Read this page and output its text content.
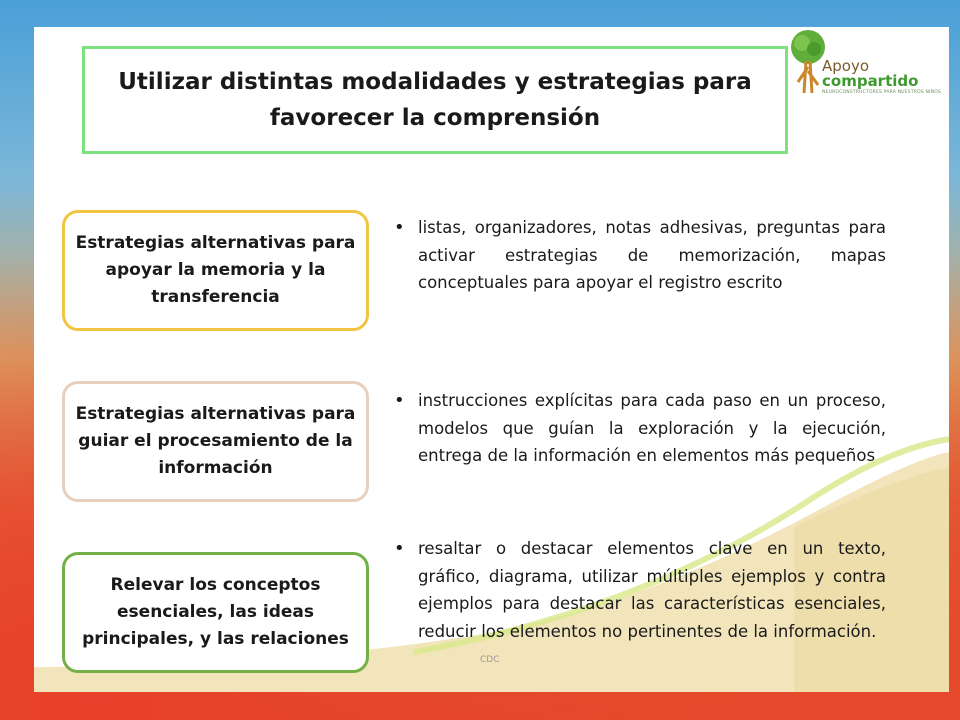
Utilizar distintas modalidades y estrategias para favorecer la comprensión
Apoyo
compartido
NEUROCONSTRUCTORES PARA NUESTROS NIÑOS
Estrategias alternativas para apoyar la memoria y la transferencia
• listas, organizadores, notas adhesivas, preguntas para activar estrategias de memorización, mapas conceptuales para apoyar el registro escrito
Estrategias alternativas para guiar el procesamiento de la información
• instrucciones explícitas para cada paso en un proceso, modelos que guían la exploración y la ejecución, entrega de la información en elementos más pequeños
Relevar los conceptos esenciales, las ideas principales, y las relaciones
• resaltar o destacar elementos clave en un texto, gráfico, diagrama, utilizar múltiples ejemplos y contra ejemplos para destacar las características esenciales, reducir los elementos no pertinentes de la información.
CDC
